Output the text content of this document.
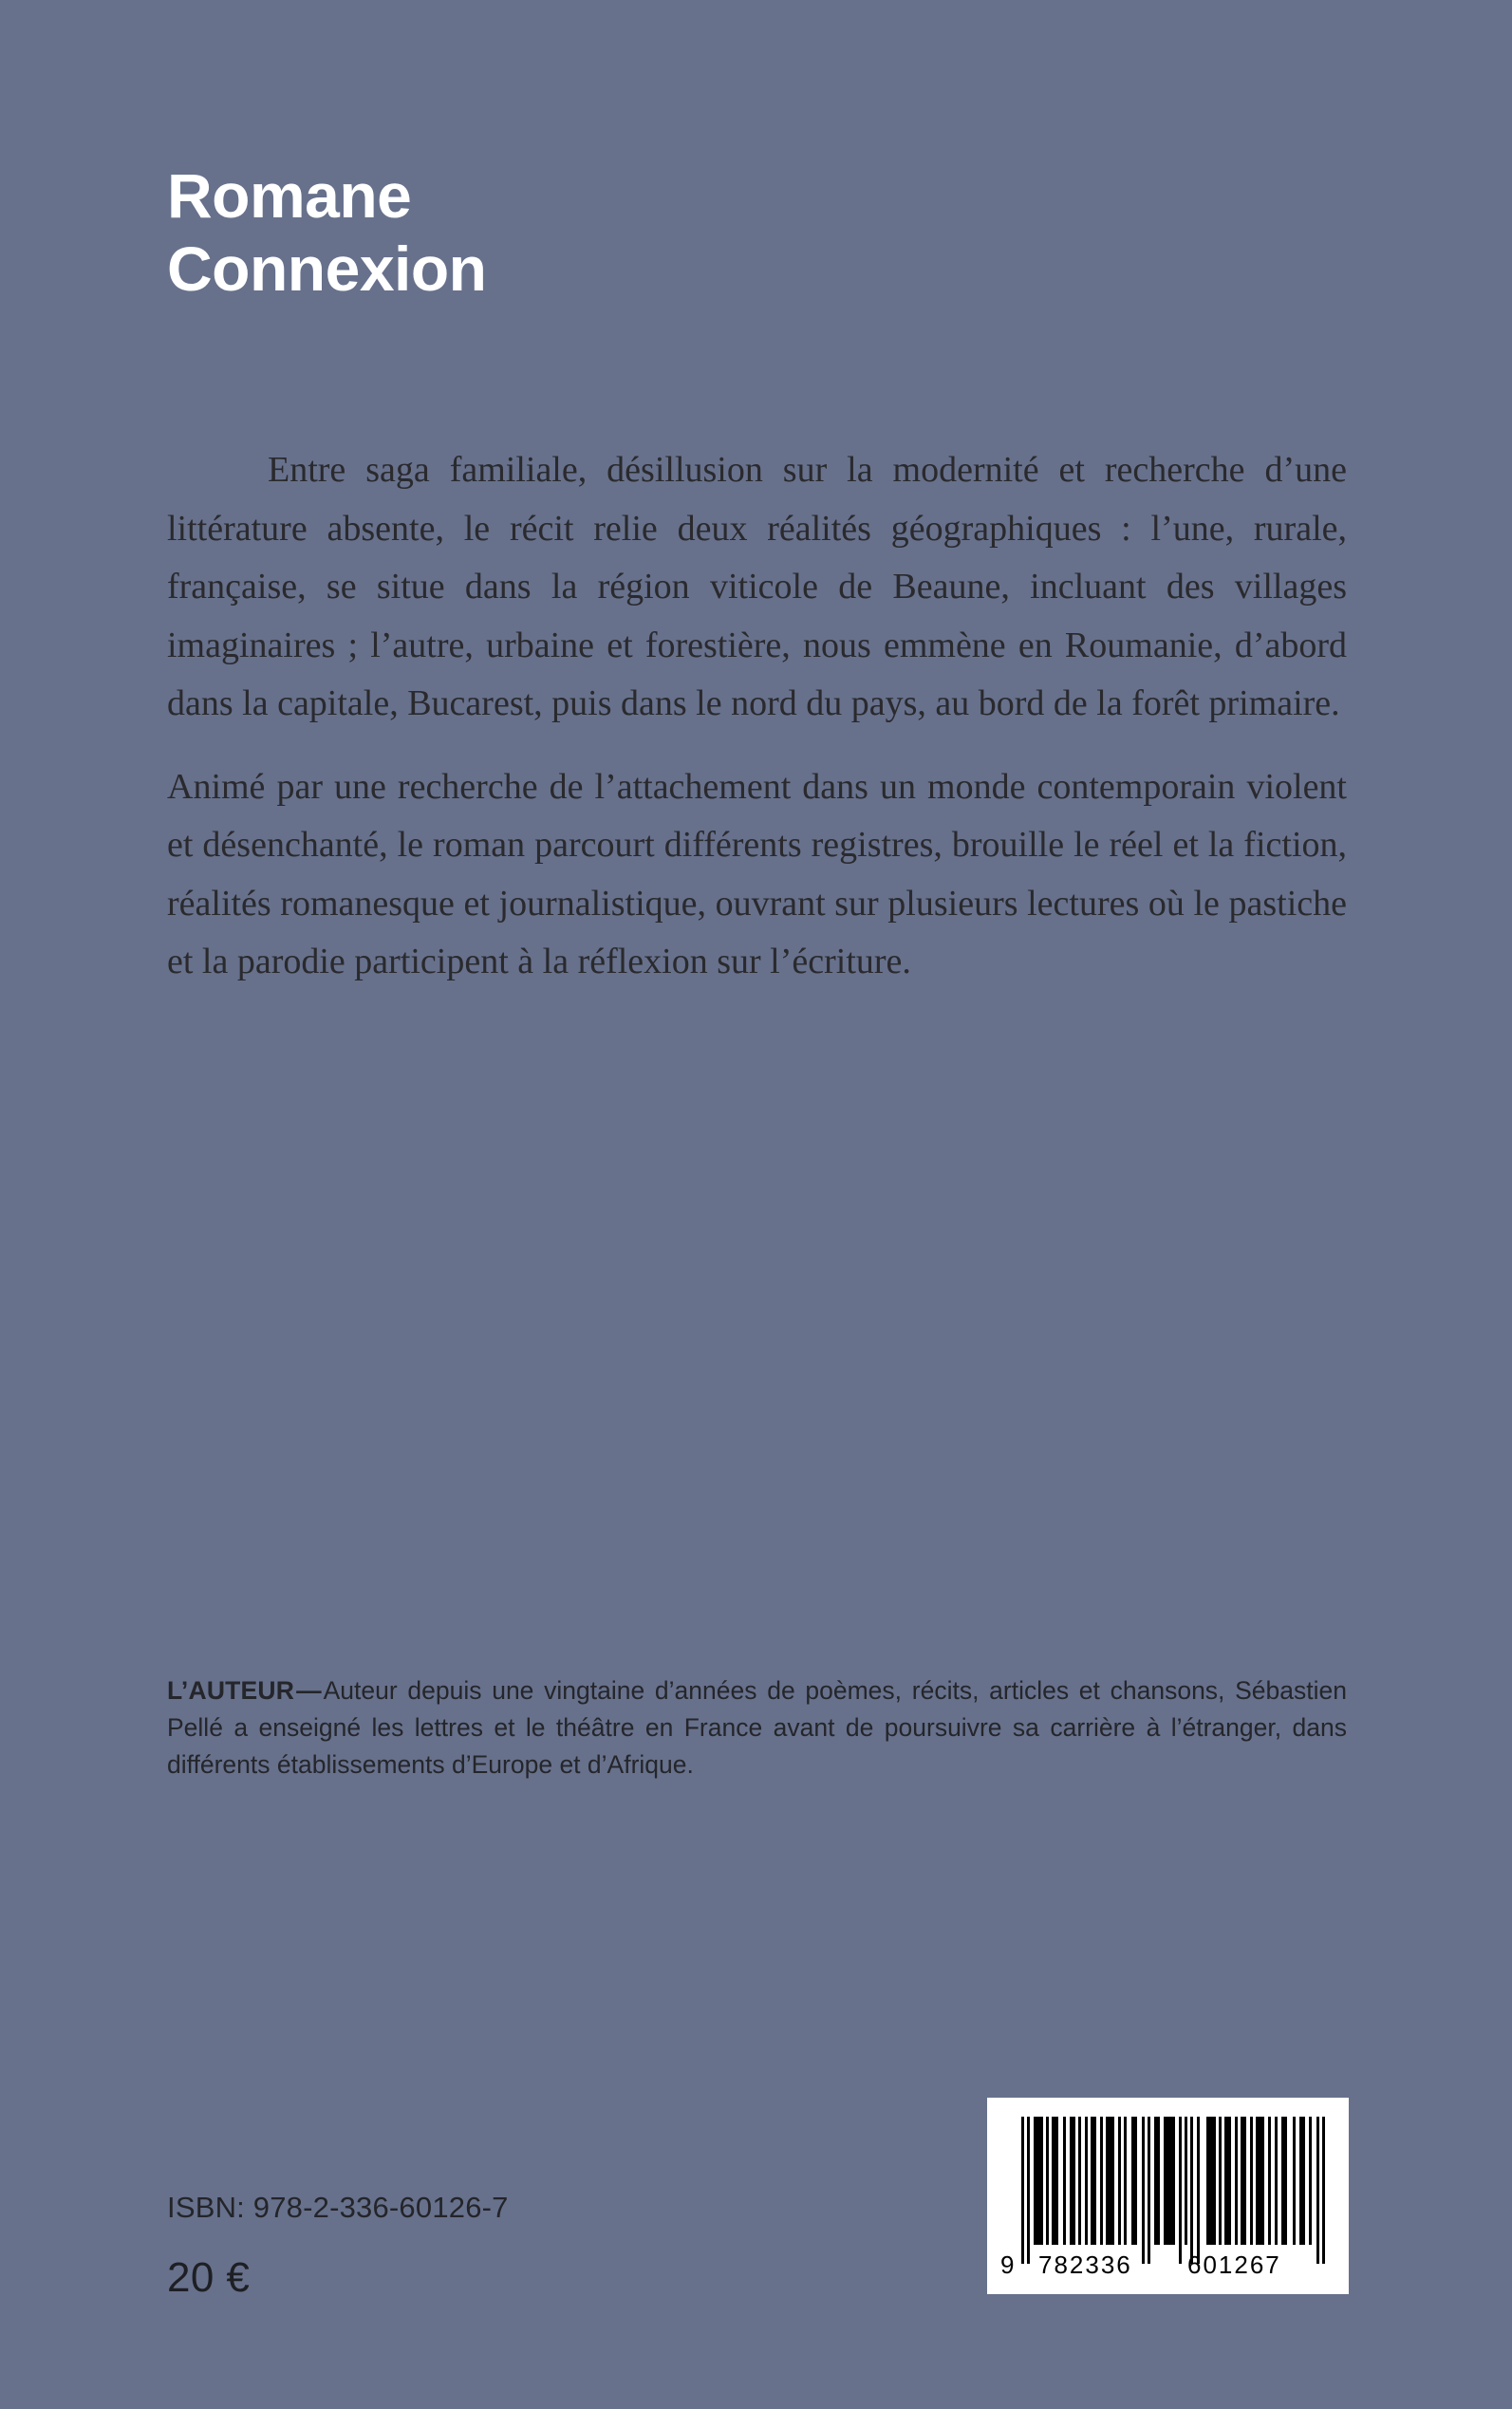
Romane
Connexion

Entre saga familiale, désillusion sur la modernité et recherche d’une littérature absente, le récit relie deux réalités géographiques : l’une, rurale, française, se situe dans la région viticole de Beaune, incluant des villages imaginaires ; l’autre, urbaine et forestière, nous emmène en Roumanie, d’abord dans la capitale, Bucarest, puis dans le nord du pays, au bord de la forêt primaire.

Animé par une recherche de l’attachement dans un monde contemporain violent et désenchanté, le roman parcourt différents registres, brouille le réel et la fiction, réalités romanesque et journalistique, ouvrant sur plusieurs lectures où le pastiche et la parodie participent à la réflexion sur l’écriture.

L’AUTEUR—Auteur depuis une vingtaine d’années de poèmes, récits, articles et chansons, Sébastien Pellé a enseigné les lettres et le théâtre en France avant de poursuivre sa carrière à l’étranger, dans différents établissements d’Europe et d’Afrique.

ISBN: 978-2-336-60126-7
20 €	9 782336 601267
